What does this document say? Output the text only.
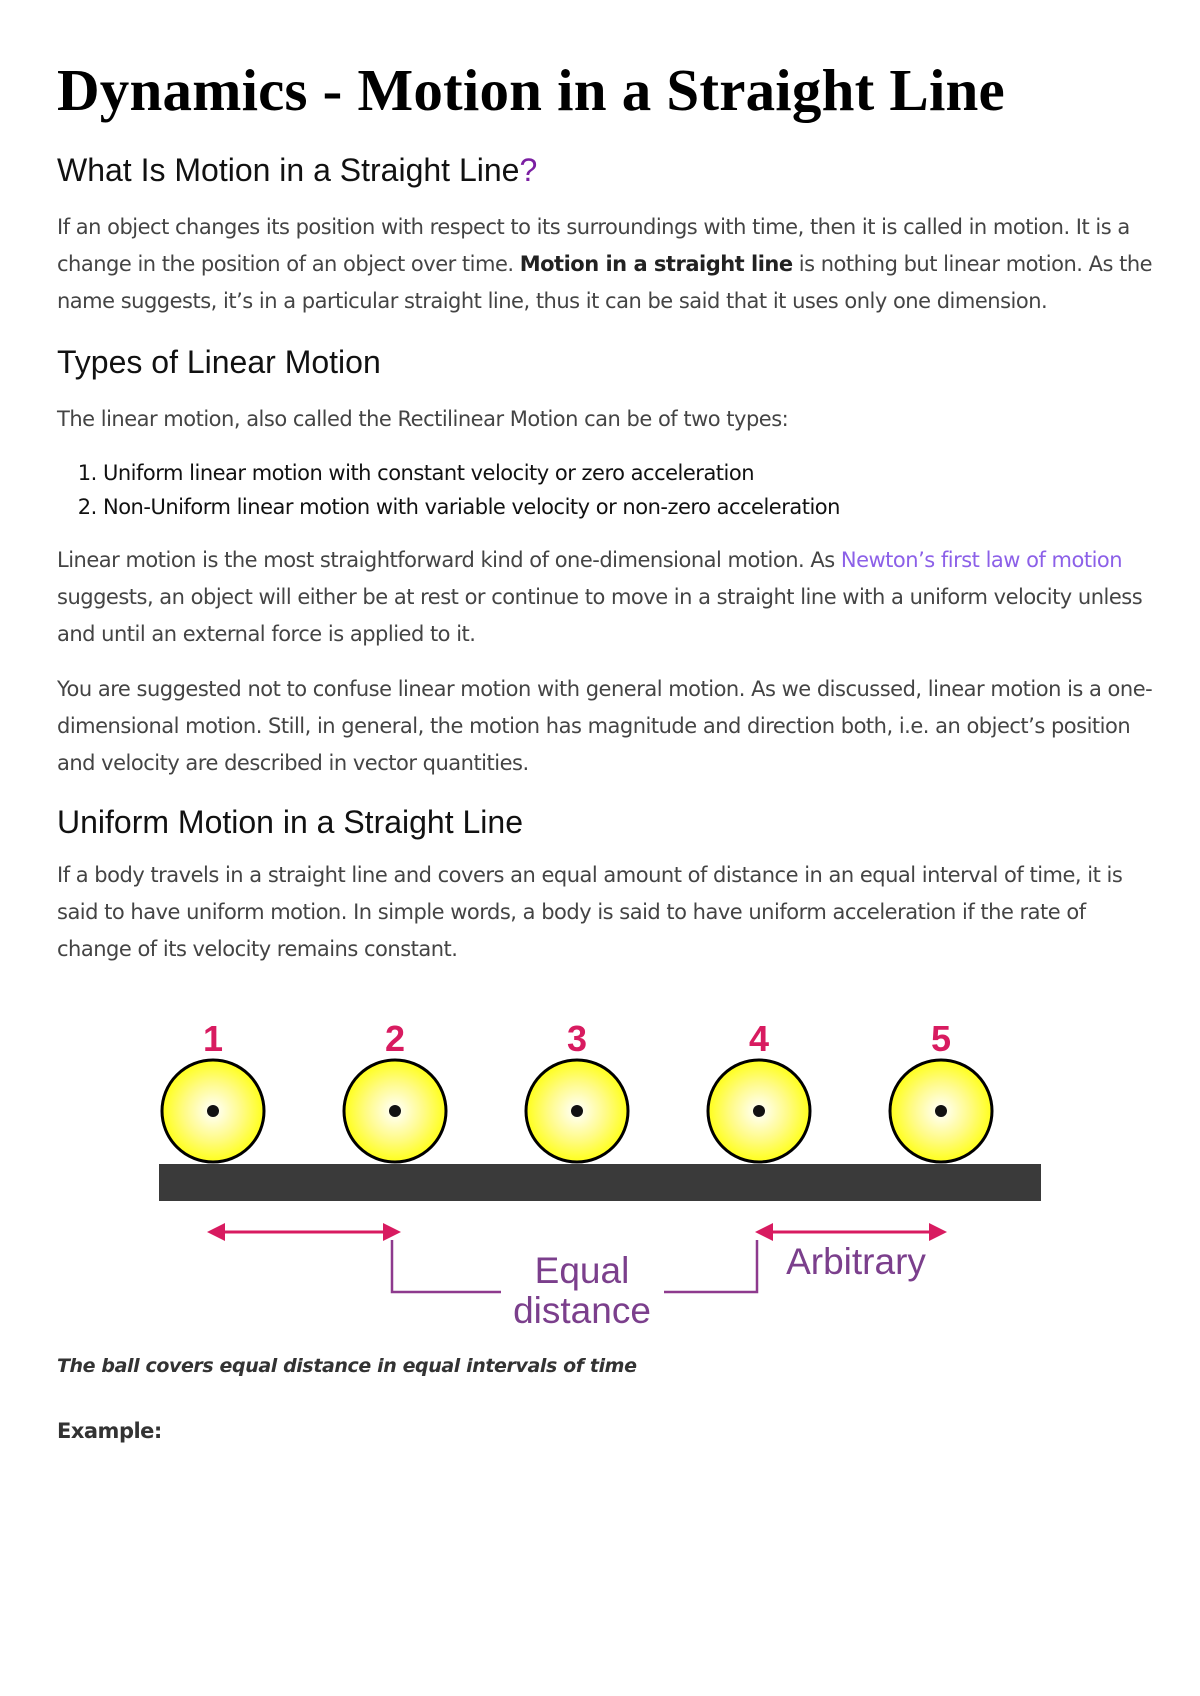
Dynamics - Motion in a Straight Line
What Is Motion in a Straight Line?

If an object changes its position with respect to its surroundings with time, then it is called in motion. It is a change in the position of an object over time. Motion in a straight line is nothing but linear motion. As the name suggests, it’s in a particular straight line, thus it can be said that it uses only one dimension.

Types of Linear Motion

The linear motion, also called the Rectilinear Motion can be of two types:

1. Uniform linear motion with constant velocity or zero acceleration
2. Non-Uniform linear motion with variable velocity or non-zero acceleration

Linear motion is the most straightforward kind of one-dimensional motion. As Newton’s first law of motion suggests, an object will either be at rest or continue to move in a straight line with a uniform velocity unless and until an external force is applied to it.

You are suggested not to confuse linear motion with general motion. As we discussed, linear motion is a one-dimensional motion. Still, in general, the motion has magnitude and direction both, i.e. an object’s position and velocity are described in vector quantities.

Uniform Motion in a Straight Line

If a body travels in a straight line and covers an equal amount of distance in an equal interval of time, it is said to have uniform motion. In simple words, a body is said to have uniform acceleration if the rate of change of its velocity remains constant.

1	2	3	4	5
Equal
distance
Arbitrary

The ball covers equal distance in equal intervals of time

Example:
